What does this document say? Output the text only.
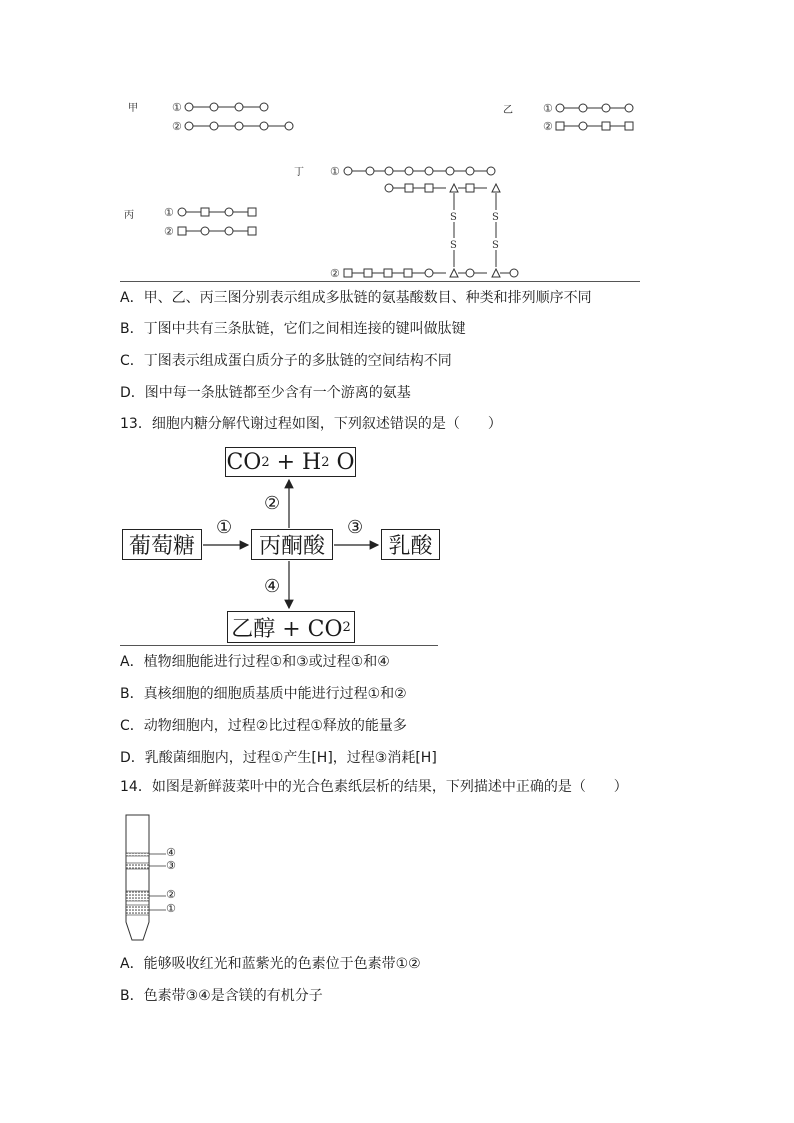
甲	乙
丁
丙
①
②
①
②
①
S
S
S
S
②
①
②
A．甲、乙、丙三图分别表示组成多肽链的氨基酸数目、种类和排列顺序不同
B．丁图中共有三条肽链，它们之间相连接的键叫做肽键
C．丁图表示组成蛋白质分子的多肽链的空间结构不同
D．图中每一条肽链都至少含有一个游离的氨基
13．细胞内糖分解代谢过程如图，下列叙述错误的是（　　）
CO 2 + H 2 O
葡萄糖	丙酮酸	乳酸
乙醇 + CO 2
①
②
③
④
A．植物细胞能进行过程①和③或过程①和④
B．真核细胞的细胞质基质中能进行过程①和②
C．动物细胞内，过程②比过程①释放的能量多
D．乳酸菌细胞内，过程①产生[H]，过程③消耗[H]
14．如图是新鲜菠菜叶中的光合色素纸层析的结果，下列描述中正确的是（　　）
④
③
②
①
A．能够吸收红光和蓝紫光的色素位于色素带①②
B．色素带③④是含镁的有机分子
